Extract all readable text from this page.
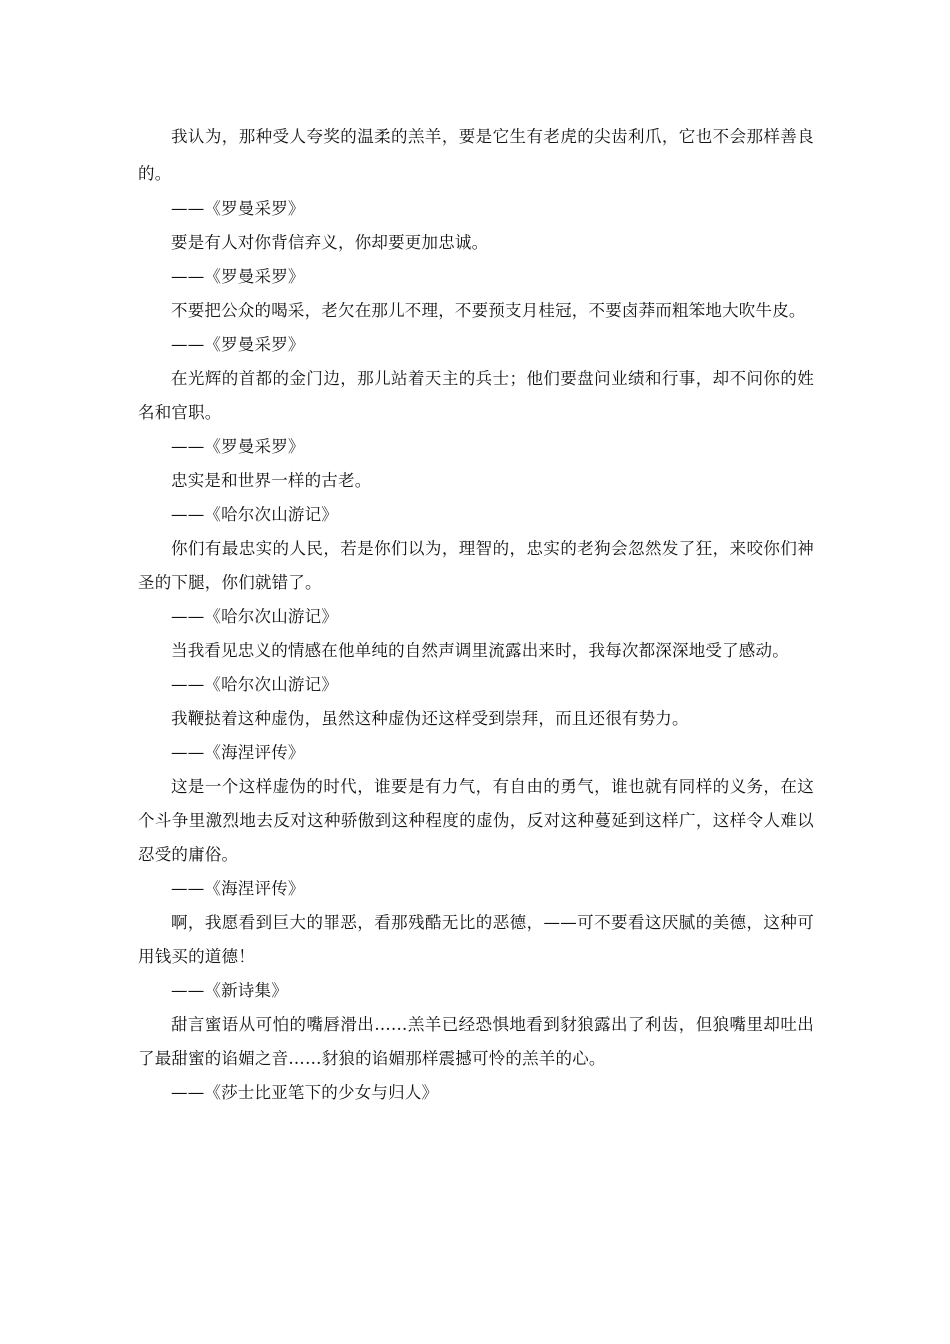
我认为，那种受人夸奖的温柔的羔羊，要是它生有老虎的尖齿利爪，它也不会那样善良的。

——《罗曼采罗》

要是有人对你背信弃义，你却要更加忠诚。

——《罗曼采罗》

不要把公众的喝采，老欠在那儿不理，不要预支月桂冠，不要卤莽而粗笨地大吹牛皮。

——《罗曼采罗》

在光辉的首都的金门边，那儿站着天主的兵士；他们要盘问业绩和行事，却不问你的姓名和官职。

——《罗曼采罗》

忠实是和世界一样的古老。

——《哈尔次山游记》

你们有最忠实的人民，若是你们以为，理智的，忠实的老狗会忽然发了狂，来咬你们神圣的下腿，你们就错了。

——《哈尔次山游记》

当我看见忠义的情感在他单纯的自然声调里流露出来时，我每次都深深地受了感动。

——《哈尔次山游记》

我鞭挞着这种虚伪，虽然这种虚伪还这样受到崇拜，而且还很有势力。

——《海涅评传》

这是一个这样虚伪的时代，谁要是有力气，有自由的勇气，谁也就有同样的义务，在这个斗争里激烈地去反对这种骄傲到这种程度的虚伪，反对这种蔓延到这样广，这样令人难以忍受的庸俗。

——《海涅评传》

啊，我愿看到巨大的罪恶，看那残酷无比的恶德，——可不要看这厌腻的美德，这种可用钱买的道德！

——《新诗集》

甜言蜜语从可怕的嘴唇滑出……羔羊已经恐惧地看到豺狼露出了利齿，但狼嘴里却吐出了最甜蜜的谄媚之音……豺狼的谄媚那样震撼可怜的羔羊的心。

——《莎士比亚笔下的少女与归人》
